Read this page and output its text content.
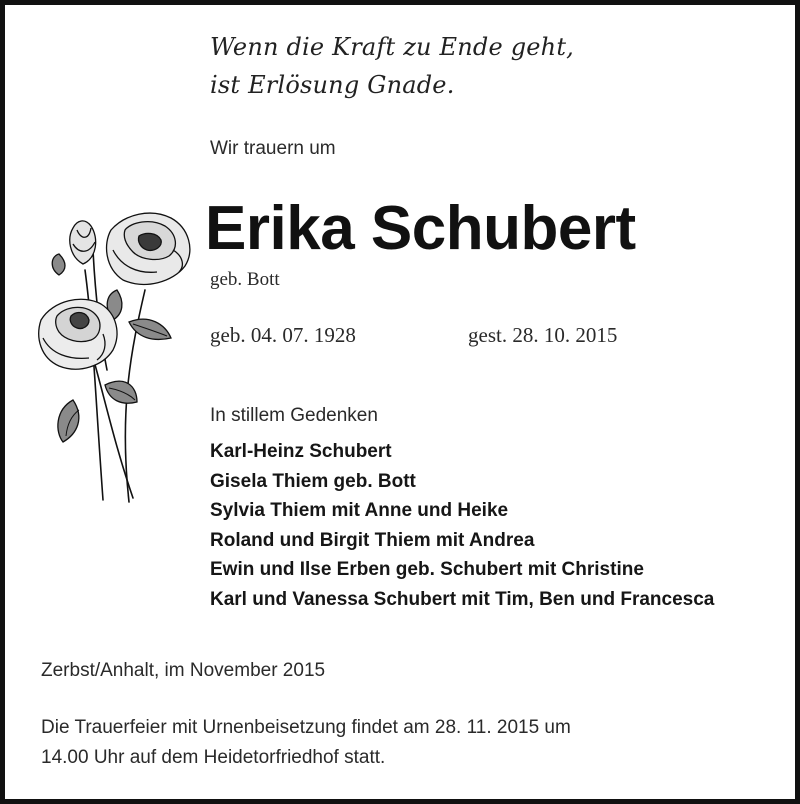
Wenn die Kraft zu Ende geht,
ist Erlösung Gnade.
Wir trauern um
Erika Schubert
geb. Bott
geb. 04. 07. 1928	gest. 28. 10. 2015
In stillem Gedenken
Karl-Heinz Schubert
Gisela Thiem geb. Bott
Sylvia Thiem mit Anne und Heike
Roland und Birgit Thiem mit Andrea
Ewin und Ilse Erben geb. Schubert mit Christine
Karl und Vanessa Schubert mit Tim, Ben und Francesca
Zerbst/Anhalt, im November 2015
Die Trauerfeier mit Urnenbeisetzung findet am 28. 11. 2015 um
14.00 Uhr auf dem Heidetorfriedhof statt.
